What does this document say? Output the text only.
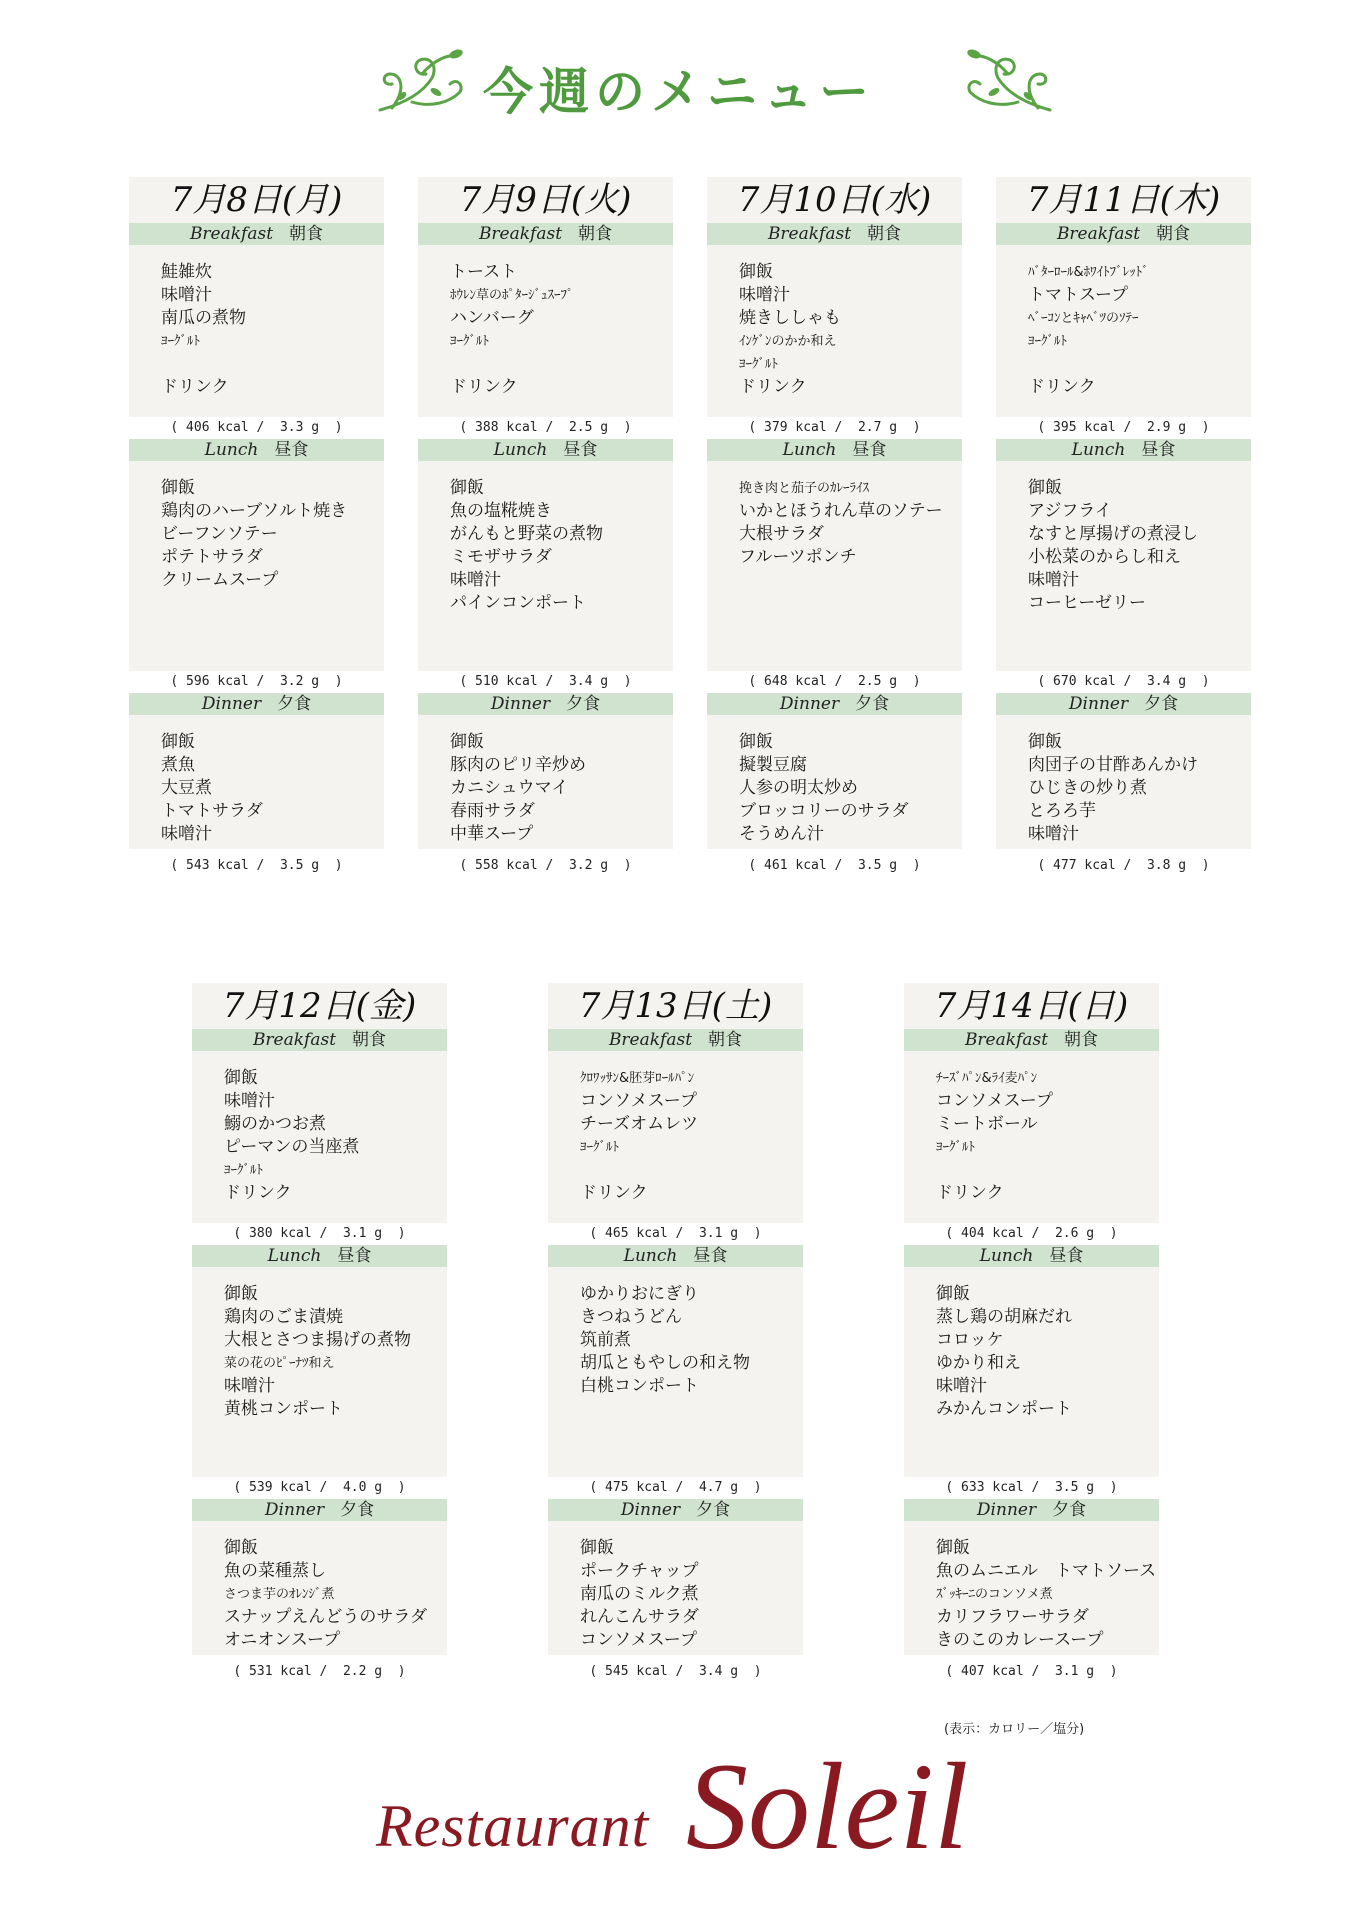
今週のメニュー
7月8日(月)
Breakfast 朝食
鮭雑炊
味噌汁
南瓜の煮物
ﾖｰｸﾞﾙﾄ
ドリンク
( 406 kcal /  3.3 g  )
Lunch 昼食
御飯
鶏肉のハーブソルト焼き
ビーフンソテー
ポテトサラダ
クリームスープ
( 596 kcal /  3.2 g  )
Dinner 夕食
御飯
煮魚
大豆煮
トマトサラダ
味噌汁
( 543 kcal /  3.5 g  )
7月9日(火)
Breakfast 朝食
トースト
ﾎｳﾚﾝ草のﾎﾟﾀｰｼﾞｭｽｰﾌﾟ
ハンバーグ
ﾖｰｸﾞﾙﾄ
ドリンク
( 388 kcal /  2.5 g  )
Lunch 昼食
御飯
魚の塩糀焼き
がんもと野菜の煮物
ミモザサラダ
味噌汁
パインコンポート
( 510 kcal /  3.4 g  )
Dinner 夕食
御飯
豚肉のピリ辛炒め
カニシュウマイ
春雨サラダ
中華スープ
( 558 kcal /  3.2 g  )
7月10日(水)
Breakfast 朝食
御飯
味噌汁
焼きししゃも
ｲﾝｹﾞﾝのかか和え
ﾖｰｸﾞﾙﾄ
ドリンク
( 379 kcal /  2.7 g  )
Lunch 昼食
挽き肉と茄子のｶﾚｰﾗｲｽ
いかとほうれん草のソテー
大根サラダ
フルーツポンチ
( 648 kcal /  2.5 g  )
Dinner 夕食
御飯
擬製豆腐
人参の明太炒め
ブロッコリーのサラダ
そうめん汁
( 461 kcal /  3.5 g  )
7月11日(木)
Breakfast 朝食
ﾊﾞﾀｰﾛｰﾙ&ﾎﾜｲﾄﾌﾞﾚｯﾄﾞ
トマトスープ
ﾍﾞｰｺﾝとｷｬﾍﾞﾂのｿﾃｰ
ﾖｰｸﾞﾙﾄ
ドリンク
( 395 kcal /  2.9 g  )
Lunch 昼食
御飯
アジフライ
なすと厚揚げの煮浸し
小松菜のからし和え
味噌汁
コーヒーゼリー
( 670 kcal /  3.4 g  )
Dinner 夕食
御飯
肉団子の甘酢あんかけ
ひじきの炒り煮
とろろ芋
味噌汁
( 477 kcal /  3.8 g  )
7月12日(金)
Breakfast 朝食
御飯
味噌汁
鰯のかつお煮
ピーマンの当座煮
ﾖｰｸﾞﾙﾄ
ドリンク
( 380 kcal /  3.1 g  )
Lunch 昼食
御飯
鶏肉のごま漬焼
大根とさつま揚げの煮物
菜の花のﾋﾟｰﾅﾂ和え
味噌汁
黄桃コンポート
( 539 kcal /  4.0 g  )
Dinner 夕食
御飯
魚の菜種蒸し
さつま芋のｵﾚﾝｼﾞ煮
スナップえんどうのサラダ
オニオンスープ
( 531 kcal /  2.2 g  )
7月13日(土)
Breakfast 朝食
ｸﾛﾜｯｻﾝ&胚芽ﾛｰﾙﾊﾟﾝ
コンソメスープ
チーズオムレツ
ﾖｰｸﾞﾙﾄ
ドリンク
( 465 kcal /  3.1 g  )
Lunch 昼食
ゆかりおにぎり
きつねうどん
筑前煮
胡瓜ともやしの和え物
白桃コンポート
( 475 kcal /  4.7 g  )
Dinner 夕食
御飯
ポークチャップ
南瓜のミルク煮
れんこんサラダ
コンソメスープ
( 545 kcal /  3.4 g  )
7月14日(日)
Breakfast 朝食
ﾁｰｽﾞﾊﾟﾝ&ﾗｲ麦ﾊﾟﾝ
コンソメスープ
ミートボール
ﾖｰｸﾞﾙﾄ
ドリンク
( 404 kcal /  2.6 g  )
Lunch 昼食
御飯
蒸し鶏の胡麻だれ
コロッケ
ゆかり和え
味噌汁
みかんコンポート
( 633 kcal /  3.5 g  )
Dinner 夕食
御飯
魚のムニエル　トマトソース
ｽﾞｯｷｰﾆのコンソメ煮
カリフラワーサラダ
きのこのカレースープ
( 407 kcal /  3.1 g  )
(表示：カロリー／塩分)
Restaurant Soleil
